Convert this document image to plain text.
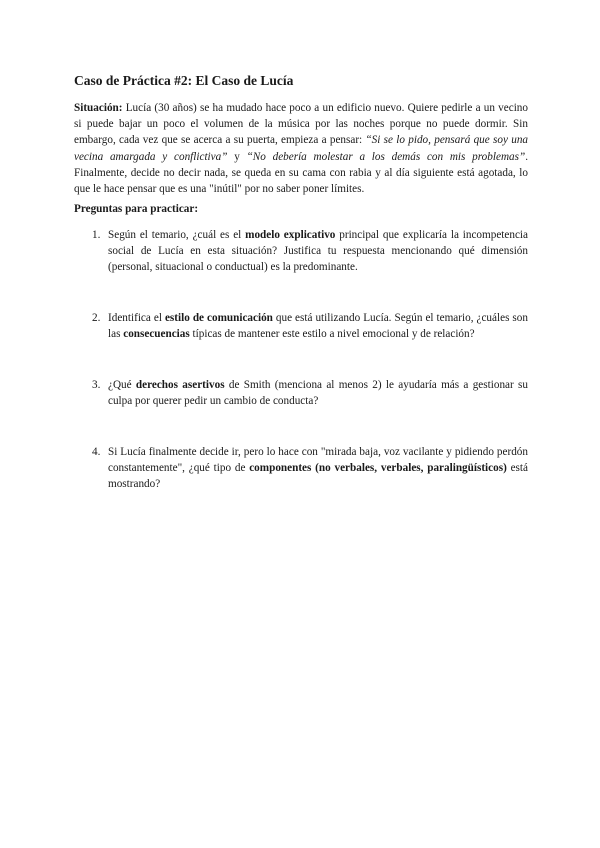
Caso de Práctica #2: El Caso de Lucía
Situación: Lucía (30 años) se ha mudado hace poco a un edificio nuevo. Quiere pedirle a un vecino si puede bajar un poco el volumen de la música por las noches porque no puede dormir. Sin embargo, cada vez que se acerca a su puerta, empieza a pensar: “Si se lo pido, pensará que soy una vecina amargada y conflictiva” y “No debería molestar a los demás con mis problemas”. Finalmente, decide no decir nada, se queda en su cama con rabia y al día siguiente está agotada, lo que le hace pensar que es una "inútil" por no saber poner límites.
Preguntas para practicar:
1. Según el temario, ¿cuál es el modelo explicativo principal que explicaría la incompetencia social de Lucía en esta situación? Justifica tu respuesta mencionando qué dimensión (personal, situacional o conductual) es la predominante.
2. Identifica el estilo de comunicación que está utilizando Lucía. Según el temario, ¿cuáles son las consecuencias típicas de mantener este estilo a nivel emocional y de relación?
3. ¿Qué derechos asertivos de Smith (menciona al menos 2) le ayudaría más a gestionar su culpa por querer pedir un cambio de conducta?
4. Si Lucía finalmente decide ir, pero lo hace con "mirada baja, voz vacilante y pidiendo perdón constantemente", ¿qué tipo de componentes (no verbales, verbales, paralingüísticos) está mostrando?
